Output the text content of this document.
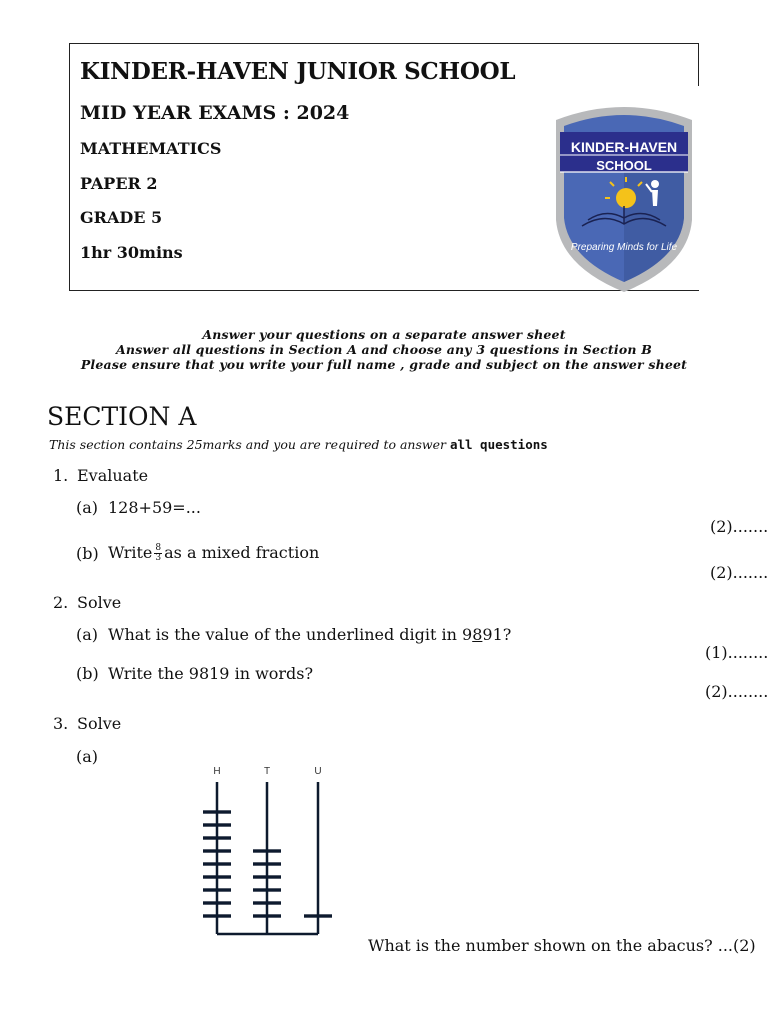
KINDER-HAVEN JUNIOR SCHOOL
MID YEAR EXAMS : 2024
MATHEMATICS
PAPER 2
GRADE 5
1hr 30mins
KINDER-HAVEN
SCHOOL
Preparing Minds for Life
Answer your questions on a separate answer sheet
Answer all questions in Section A and choose any 3 questions in Section B
Please ensure that you write your full name , grade and subject on the answer sheet
SECTION A
This section contains 25marks and you are required to answer all questions
1. Evaluate
(a) 128+59=...
(2).......
(b) Write $\frac{8}{3}$ as a mixed fraction
(2).......
2. Solve
(a) What is the value of the underlined digit in 9891?
(1)........
(b) Write the 9819 in words?
(2)........
3. Solve
(a)
H	T	U
What is the number shown on the abacus? ...(2)
